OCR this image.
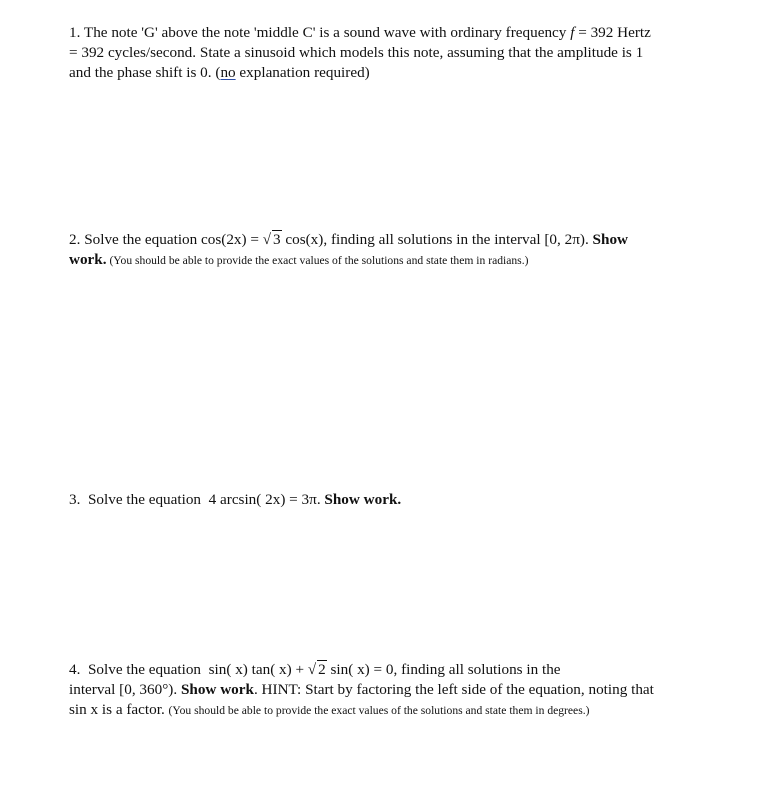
1. The note 'G' above the note 'middle C' is a sound wave with ordinary frequency f = 392 Hertz
= 392 cycles/second. State a sinusoid which models this note, assuming that the amplitude is 1
and the phase shift is 0. (no explanation required)
2. Solve the equation cos(2x) = √ 3 cos(x), finding all solutions in the interval [0, 2π). Show
work. (You should be able to provide the exact values of the solutions and state them in radians.)
3.  Solve the equation  4 arcsin( 2x) = 3π. Show work.
4.  Solve the equation  sin( x) tan( x) + √ 2 sin( x) = 0, finding all solutions in the
interval [0, 360°). Show work. HINT: Start by factoring the left side of the equation, noting that
sin x is a factor. (You should be able to provide the exact values of the solutions and state them in degrees.)
